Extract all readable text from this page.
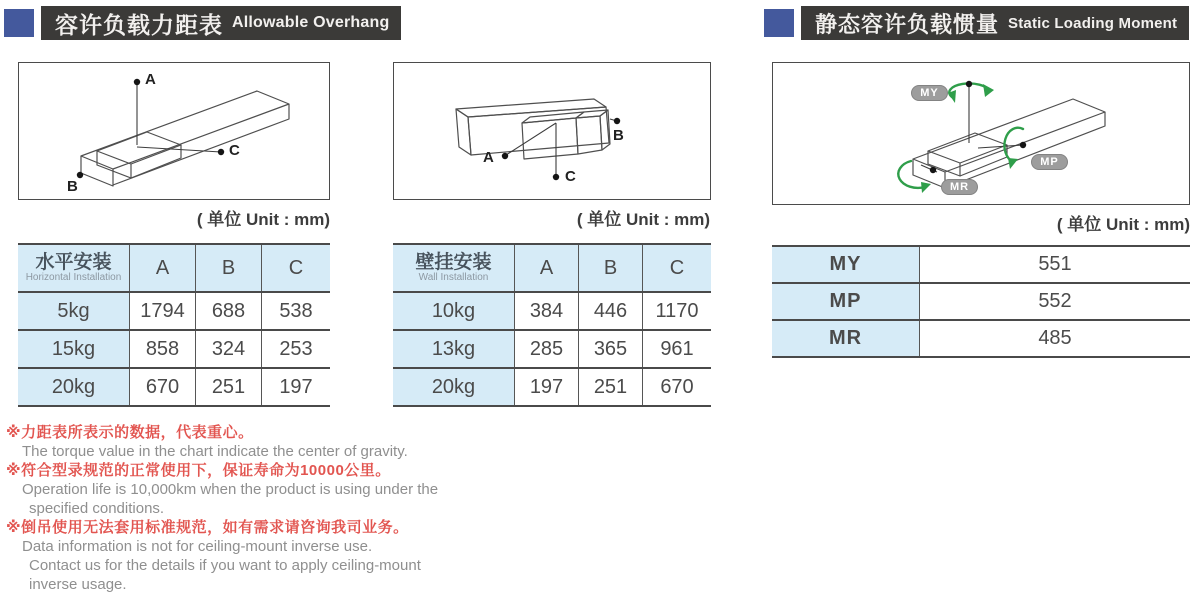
容许负载力距表 Allowable Overhang	静态容许负载惯量 Static Loading Moment
A
B
C
( 单位 Unit : mm)
A
B
C
( 单位 Unit : mm)
MY
MP
MR
( 单位 Unit : mm)
水平安装
Horizontal Installation	A	B	C
5kg	1794	688	538
15kg	858	324	253
20kg	670	251	197
壁挂安装
Wall Installation	A	B	C
10kg	384	446	1170
13kg	285	365	961
20kg	197	251	670
MY	551
MP	552
MR	485
※力距表所表示的数据，代表重心。
The torque value in the chart indicate the center of gravity.
※符合型录规范的正常使用下，保证寿命为10000公里。
Operation life is 10,000km when the product is using under the
specified conditions.
※倒吊使用无法套用标准规范，如有需求请咨询我司业务。
Data information is not for ceiling-mount inverse use.
Contact us for the details if you want to apply ceiling-mount
inverse usage.
